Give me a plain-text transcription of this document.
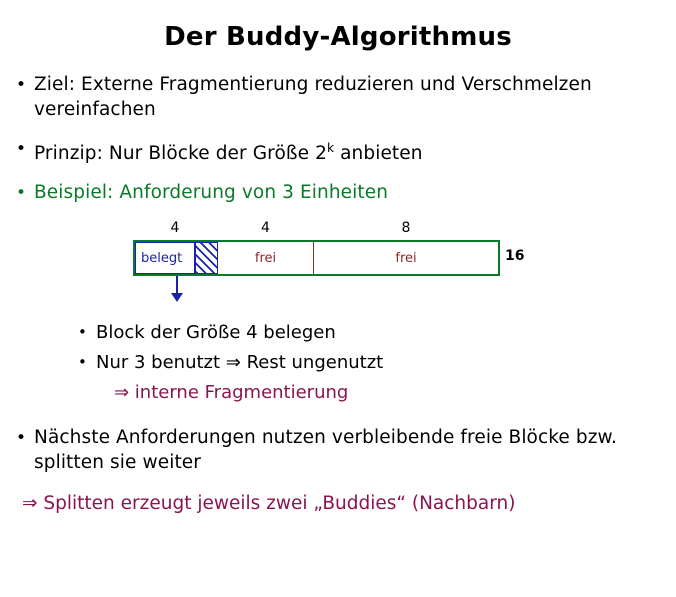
Der Buddy-Algorithmus
• Ziel: Externe Fragmentierung reduzieren und Verschmelzen vereinfachen
• Prinzip: Nur Blöcke der Größe 2$^k$ anbieten
• Beispiel: Anforderung von 3 Einheiten
4	4	8
belegt	frei	frei	16
• Block der Größe 4 belegen
• Nur 3 benutzt ⇒ Rest ungenutzt
⇒ interne Fragmentierung
• Nächste Anforderungen nutzen verbleibende freie Blöcke bzw. splitten sie weiter
⇒ Splitten erzeugt jeweils zwei „Buddies“ (Nachbarn)
